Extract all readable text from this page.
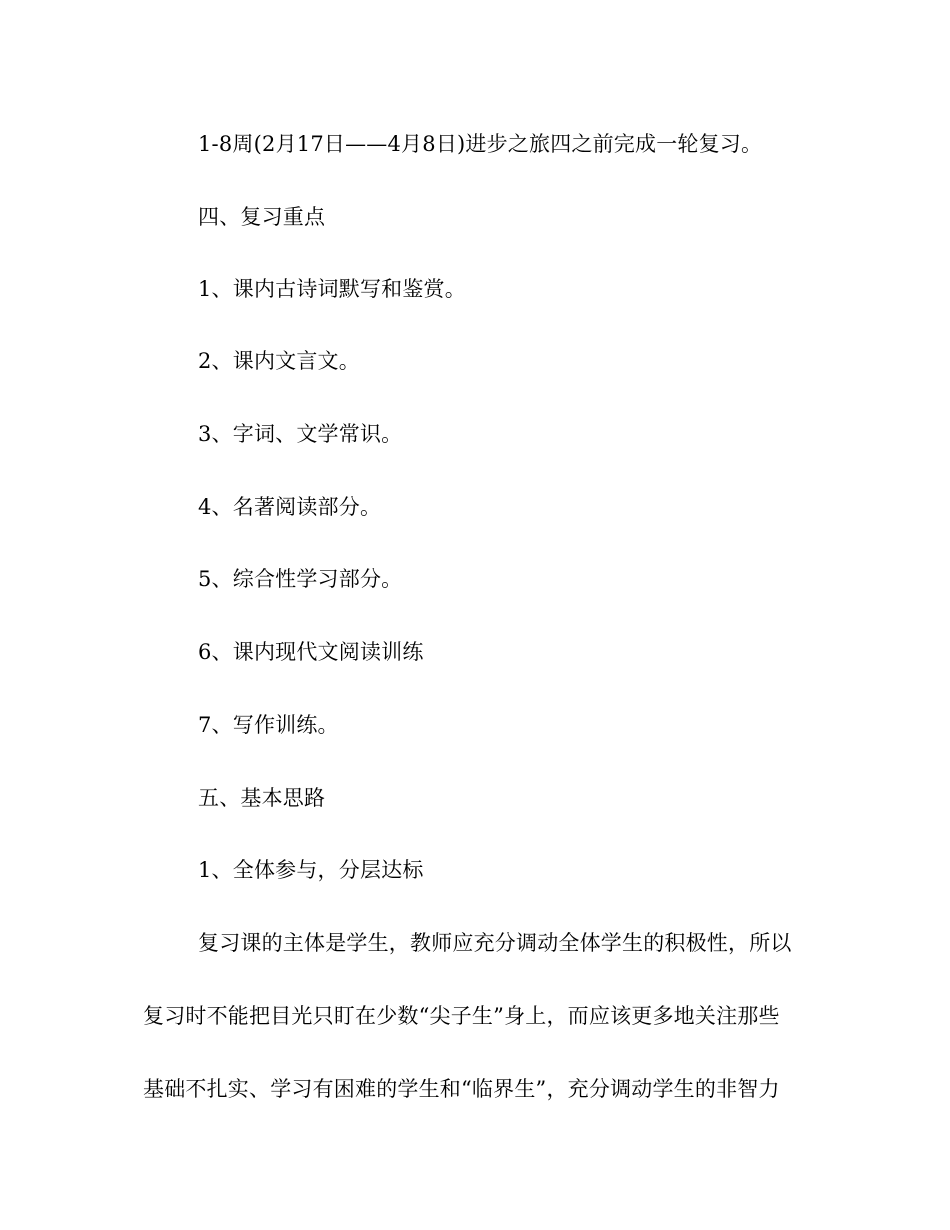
1-8周(2月17日——4月8日)进步之旅四之前完成一轮复习。
四、复习重点
1、课内古诗词默写和鉴赏。
2、课内文言文。
3、字词、文学常识。
4、名著阅读部分。
5、综合性学习部分。
6、课内现代文阅读训练
7、写作训练。
五、基本思路
1、全体参与，分层达标
复习课的主体是学生，教师应充分调动全体学生的积极性，所以
复习时不能把目光只盯在少数“尖子生”身上，而应该更多地关注那些
基础不扎实、学习有困难的学生和“临界生”，充分调动学生的非智力
